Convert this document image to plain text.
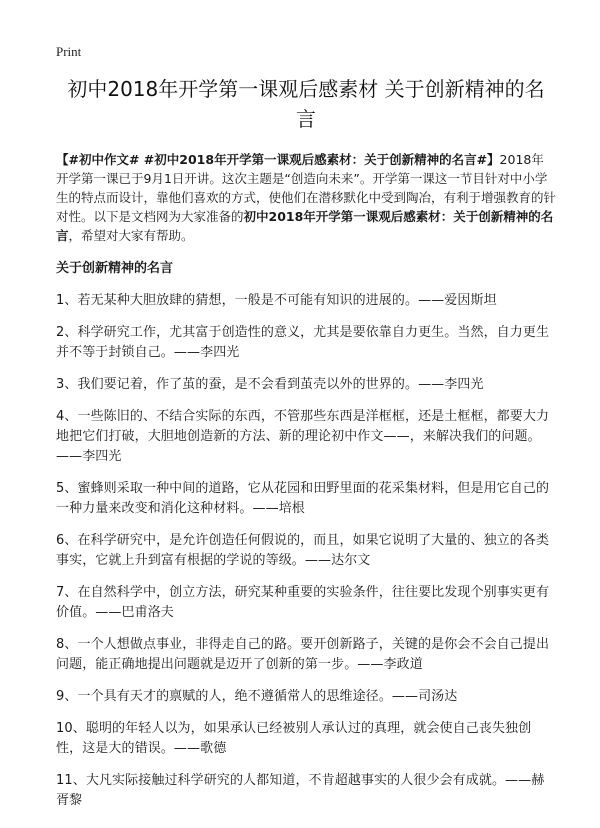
Print
初中2018年开学第一课观后感素材 关于创新精神的名言

【#初中作文# #初中2018年开学第一课观后感素材：关于创新精神的名言#】2018年开学第一课已于9月1日开讲。这次主题是“创造向未来”。开学第一课这一节目针对中小学生的特点而设计，靠他们喜欢的方式，使他们在潜移默化中受到陶冶，有利于增强教育的针对性。以下是文档网为大家准备的初中2018年开学第一课观后感素材：关于创新精神的名言，希望对大家有帮助。

关于创新精神的名言

1、若无某种大胆放肆的猜想，一般是不可能有知识的进展的。——爱因斯坦

2、科学研究工作，尤其富于创造性的意义，尤其是要依靠自力更生。当然，自力更生并不等于封锁自己。——李四光

3、我们要记着，作了茧的蚕，是不会看到茧壳以外的世界的。——李四光

4、一些陈旧的、不结合实际的东西，不管那些东西是洋框框，还是土框框，都要大力地把它们打破，大胆地创造新的方法、新的理论初中作文——，来解决我们的问题。——李四光

5、蜜蜂则采取一种中间的道路，它从花园和田野里面的花采集材料，但是用它自己的一种力量来改变和消化这种材料。——培根

6、在科学研究中，是允许创造任何假说的，而且，如果它说明了大量的、独立的各类事实，它就上升到富有根据的学说的等级。——达尔文

7、在自然科学中，创立方法，研究某种重要的实验条件，往往要比发现个别事实更有价值。——巴甫洛夫

8、一个人想做点事业，非得走自己的路。要开创新路子，关键的是你会不会自己提出问题，能正确地提出问题就是迈开了创新的第一步。——李政道

9、一个具有天才的禀赋的人，绝不遵循常人的思维途径。——司汤达

10、聪明的年轻人以为，如果承认已经被别人承认过的真理，就会使自己丧失独创性，这是大的错误。——歌德

11、大凡实际接触过科学研究的人都知道，不肯超越事实的人很少会有成就。——赫胥黎
